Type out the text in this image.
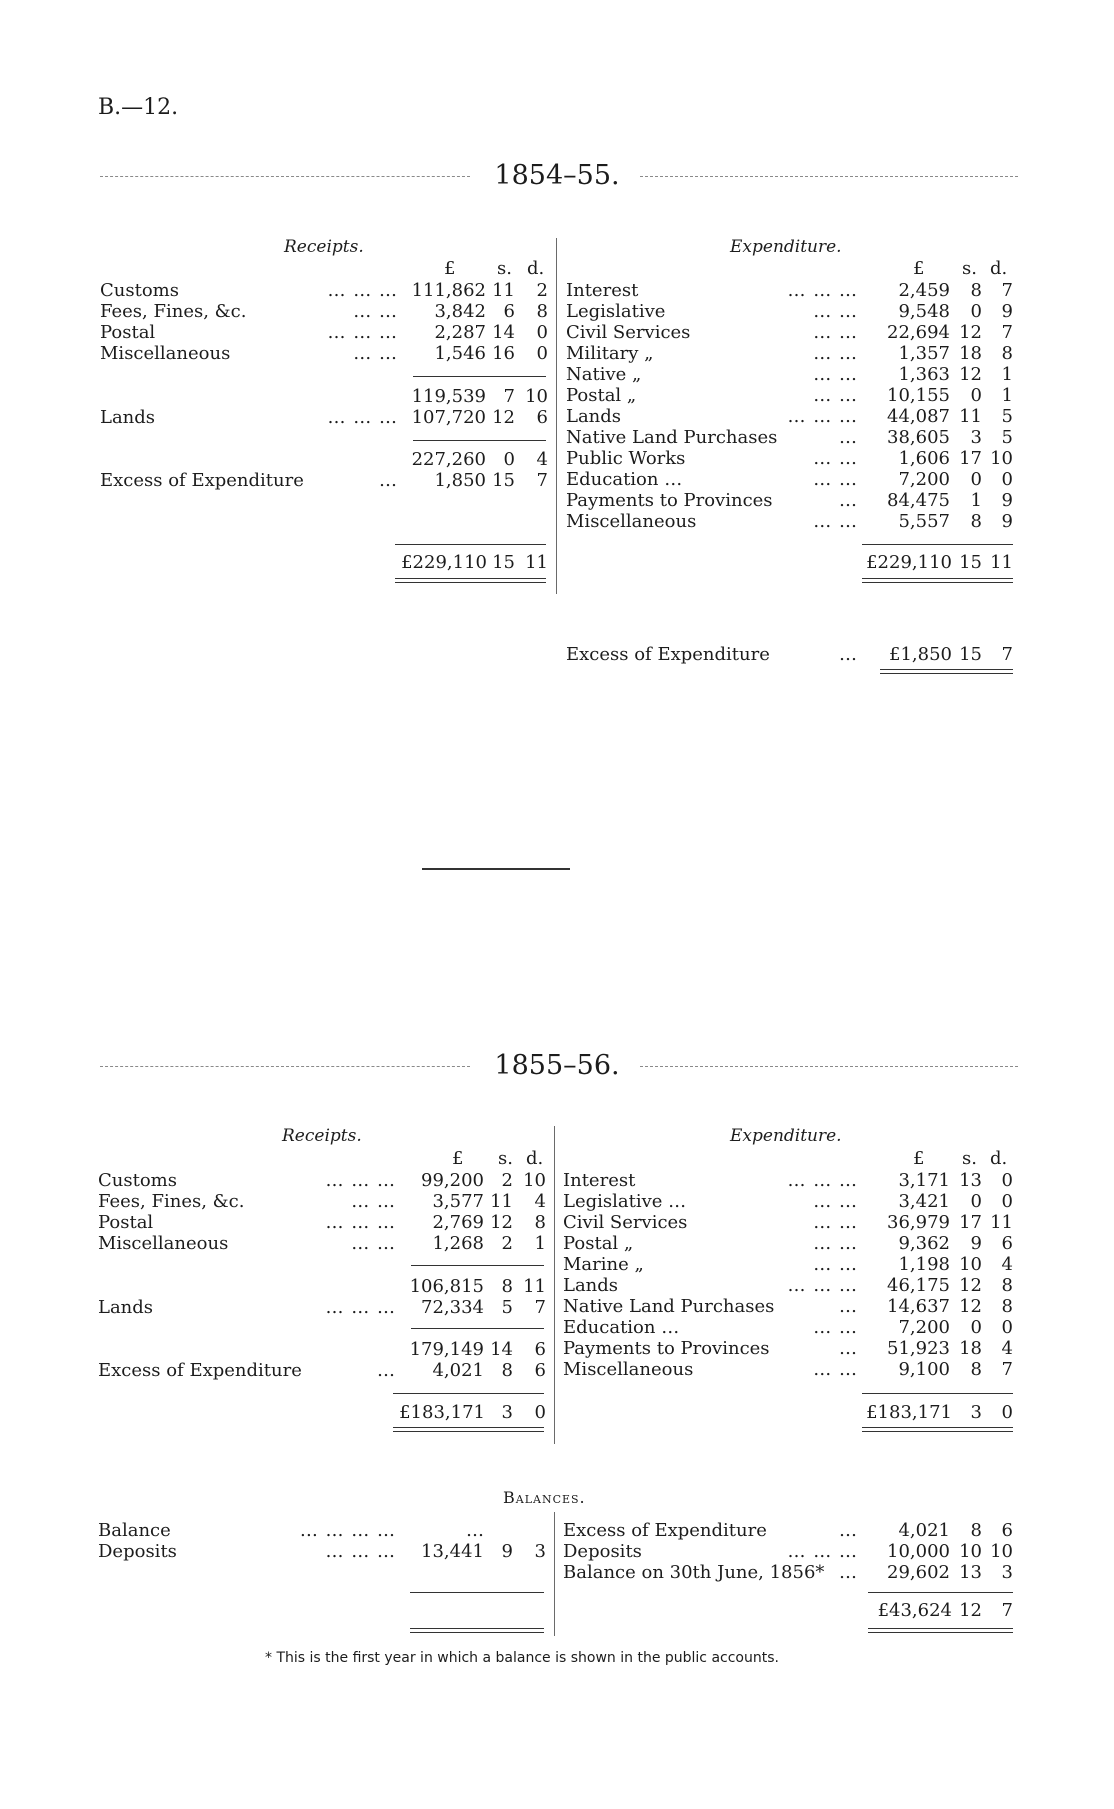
B.—12.
1854–55.
Receipts.	Expenditure.
Customs	… … … 111,862 11	2
Fees, Fines, &c.	… …	3,842 6	8
Postal	… … …	2,287 14	0
Miscellaneous	… …	1,546 16	0
119,539 7 10
Lands	… … … 107,720 12	6
227,260 0	4
Excess of Expenditure	…	1,850 15	7
£ s. d.
£229,110 15 11
Interest	… … …	2,459	8	7
Legislative	… …	9,548	0	9
Civil Services	… …	22,694 12	7
Military „	… …	1,357 18	8
Native „	… …	1,363 12	1
Postal „	… …	10,155	0	1
Lands	… … …	44,087 11	5
Native Land Purchases	…	38,605	3	5
Public Works	… …	1,606 17 10
Education …	… …	7,200	0	0
Payments to Provinces	…	84,475	1	9
Miscellaneous	… …	5,557	8	9
£ s. d.
£229,110 15 11
Excess of Expenditure	…	£1,850 15	7
1855–56.
Receipts.	Expenditure.
Customs	… … …	99,200 2 10
Fees, Fines, &c.	… …	3,577 11	4
Postal	… … …	2,769 12	8
Miscellaneous	… …	1,268 2	1
106,815 8 11
Lands	… … …	72,334 5	7
179,149 14	6
Excess of Expenditure	…	4,021 8	6
£ s. d.
£183,171 3	0
Interest	… … …	3,171 13	0
Legislative …	… …	3,421	0	0
Civil Services	… …	36,979 17 11
Postal „	… …	9,362	9	6
Marine „	… …	1,198 10	4
Lands	… … …	46,175 12	8
Native Land Purchases	…	14,637 12	8
Education …	… …	7,200	0	0
Payments to Provinces	…	51,923 18	4
Miscellaneous	… …	9,100	8	7
£ s. d.
£183,171	3	0
Balances.
Balance	… … … …	…
Deposits	… … …	13,441 9	3
Excess of Expenditure	…	4,021	8	6
Deposits	… … …	10,000 10 10
Balance on 30th June, 1856* …	29,602 13	3
£43,624 12	7
* This is the first year in which a balance is shown in the public accounts.
